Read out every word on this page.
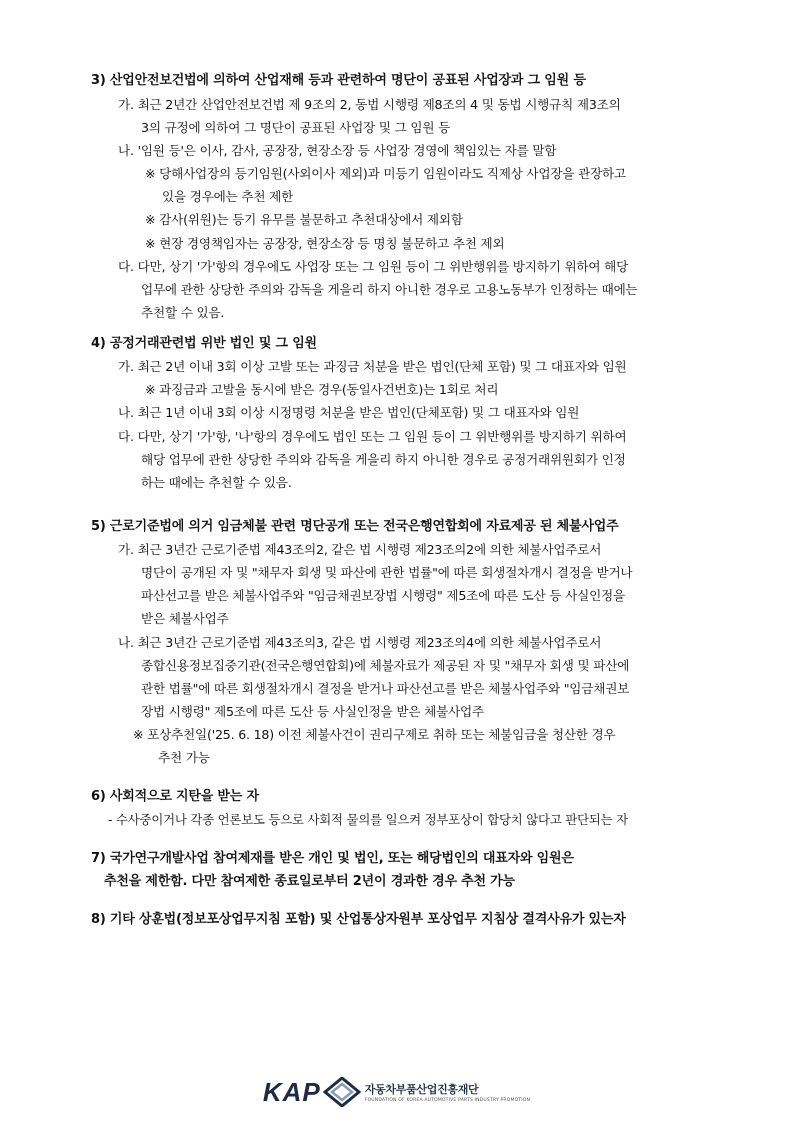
3) 산업안전보건법에 의하여 산업재해 등과 관련하여 명단이 공표된 사업장과 그 임원 등
가. 최근 2년간 산업안전보건법 제 9조의 2, 동법 시행령 제8조의 4 및 동법 시행규칙 제3조의
3의 규정에 의하여 그 명단이 공표된 사업장 및 그 임원 등
나. '임원 등'은 이사, 감사, 공장장, 현장소장 등 사업장 경영에 책임있는 자를 말함
※ 당해사업장의 등기임원(사외이사 제외)과 미등기 임원이라도 직제상 사업장을 관장하고
있을 경우에는 추천 제한
※ 감사(위원)는 등기 유무를 불문하고 추천대상에서 제외함
※ 현장 경영책임자는 공장장, 현장소장 등 명칭 불문하고 추천 제외
다. 다만, 상기 '가'항의 경우에도 사업장 또는 그 임원 등이 그 위반행위를 방지하기 위하여 해당
업무에 관한 상당한 주의와 감독을 게을리 하지 아니한 경우로 고용노동부가 인정하는 때에는
추천할 수 있음.
4) 공정거래관련법 위반 법인 및 그 임원
가. 최근 2년 이내 3회 이상 고발 또는 과징금 처분을 받은 법인(단체 포함) 및 그 대표자와 임원
※ 과징금과 고발을 동시에 받은 경우(동일사건번호)는 1회로 처리
나. 최근 1년 이내 3회 이상 시정명령 처분을 받은 법인(단체포함) 및 그 대표자와 임원
다. 다만, 상기 '가'항, '나'항의 경우에도 법인 또는 그 임원 등이 그 위반행위를 방지하기 위하여
해당 업무에 관한 상당한 주의와 감독을 게을리 하지 아니한 경우로 공정거래위원회가 인정
하는 때에는 추천할 수 있음.
5) 근로기준법에 의거 임금체불 관련 명단공개 또는 전국은행연합회에 자료제공 된 체불사업주
가. 최근 3년간 근로기준법 제43조의2, 같은 법 시행령 제23조의2에 의한 체불사업주로서
명단이 공개된 자 및 "채무자 회생 및 파산에 관한 법률"에 따른 회생절차개시 결정을 받거나
파산선고를 받은 체불사업주와 "임금채권보장법 시행령" 제5조에 따른 도산 등 사실인정을
받은 체불사업주
나. 최근 3년간 근로기준법 제43조의3, 같은 법 시행령 제23조의4에 의한 체불사업주로서
종합신용정보집중기관(전국은행연합회)에 체불자료가 제공된 자 및 "채무자 회생 및 파산에
관한 법률"에 따른 회생절차개시 결정을 받거나 파산선고를 받은 체불사업주와 "임금채권보
장법 시행령" 제5조에 따른 도산 등 사실인정을 받은 체불사업주
※ 포상추천일('25. 6. 18) 이전 체불사건이 권리구제로 취하 또는 체불임금을 청산한 경우
추천 가능
6) 사회적으로 지탄을 받는 자
- 수사중이거나 각종 언론보도 등으로 사회적 물의를 일으켜 정부포상이 합당치 않다고 판단되는 자
7) 국가연구개발사업 참여제재를 받은 개인 및 법인, 또는 해당법인의 대표자와 임원은
추천을 제한함. 다만 참여제한 종료일로부터 2년이 경과한 경우 추천 가능
8) 기타 상훈법(정보포상업무지침 포함) 및 산업통상자원부 포상업무 지침상 결격사유가 있는자
KAP	자동차부품산업진흥재단
FOUNDATION OF KOREA AUTOMOTIVE PARTS INDUSTRY PROMOTION
